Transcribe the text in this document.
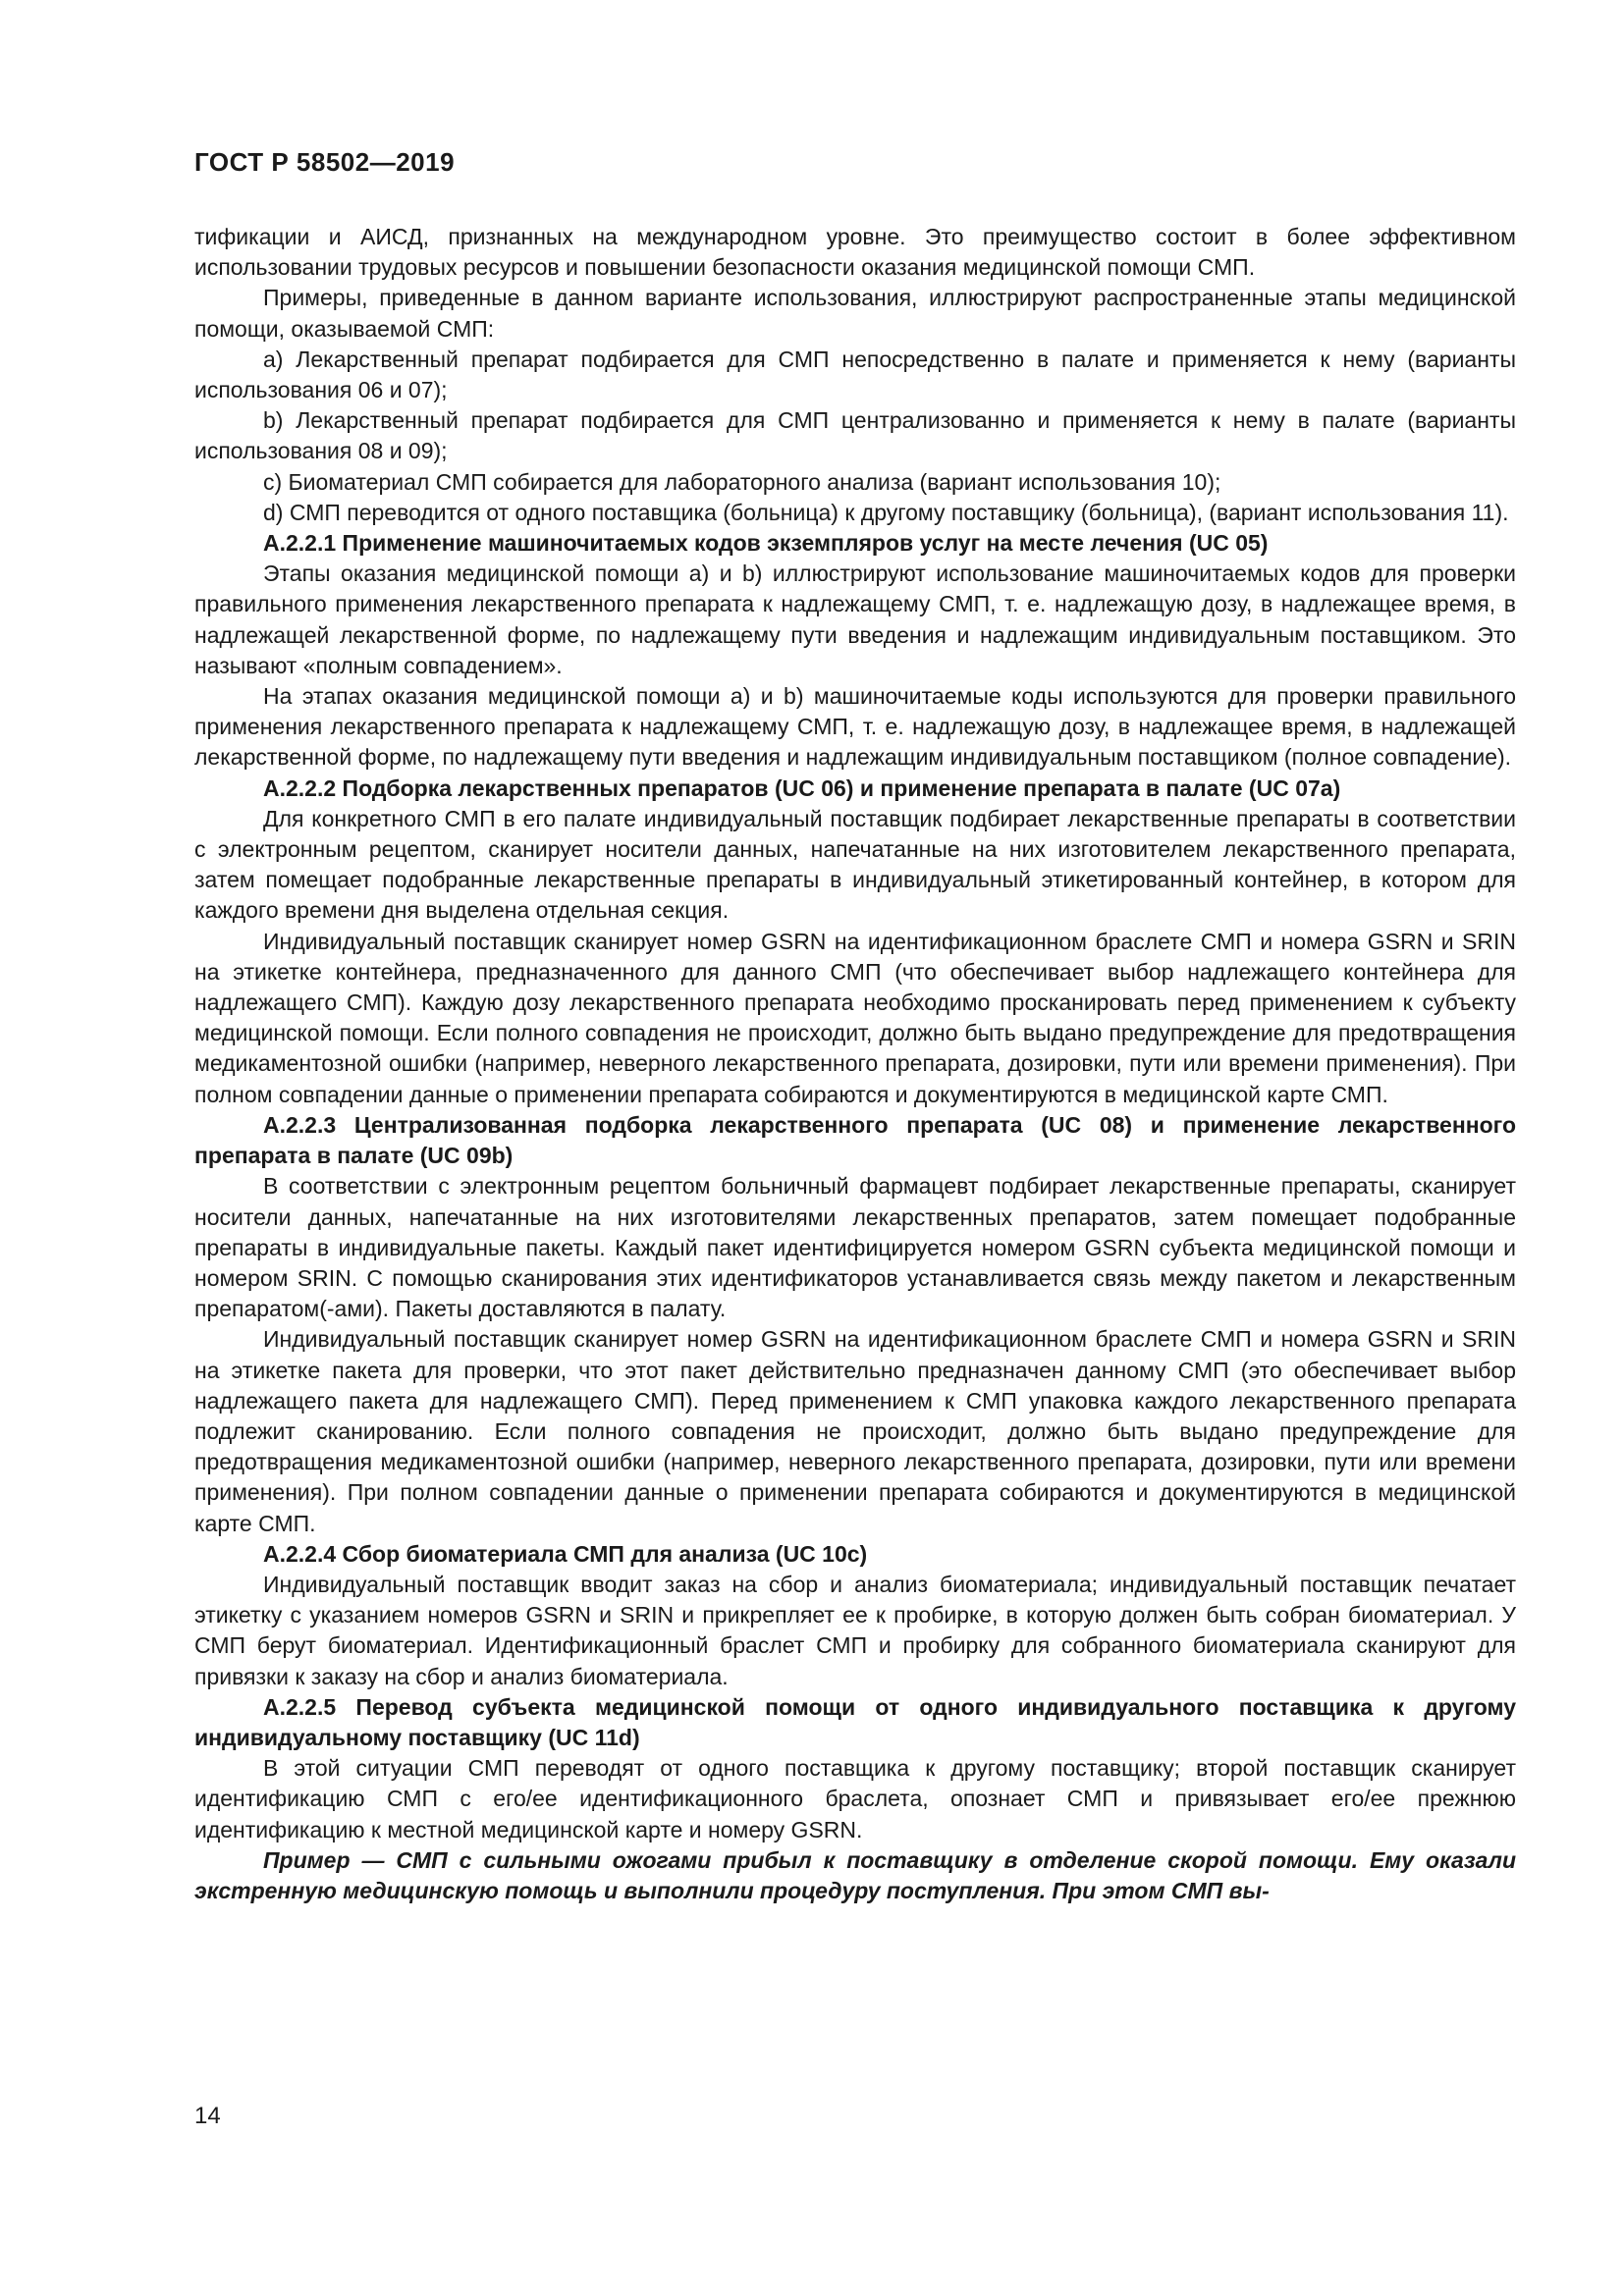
ГОСТ Р 58502—2019

тификации и АИСД, признанных на международном уровне. Это преимущество состоит в более эффективном использовании трудовых ресурсов и повышении безопасности оказания медицинской помощи СМП.

Примеры, приведенные в данном варианте использования, иллюстрируют распространенные этапы медицинской помощи, оказываемой СМП:

а) Лекарственный препарат подбирается для СМП непосредственно в палате и применяется к нему (варианты использования 06 и 07);

b) Лекарственный препарат подбирается для СМП централизованно и применяется к нему в палате (варианты использования 08 и 09);

c) Биоматериал СМП собирается для лабораторного анализа (вариант использования 10);

d) СМП переводится от одного поставщика (больница) к другому поставщику (больница), (вариант использования 11).

А.2.2.1 Применение машиночитаемых кодов экземпляров услуг на месте лечения (UC 05)

Этапы оказания медицинской помощи а) и b) иллюстрируют использование машиночитаемых кодов для проверки правильного применения лекарственного препарата к надлежащему СМП, т. е. надлежащую дозу, в надлежащее время, в надлежащей лекарственной форме, по надлежащему пути введения и надлежащим индивидуальным поставщиком. Это называют «полным совпадением».

На этапах оказания медицинской помощи а) и b) машиночитаемые коды используются для проверки правильного применения лекарственного препарата к надлежащему СМП, т. е. надлежащую дозу, в надлежащее время, в надлежащей лекарственной форме, по надлежащему пути введения и надлежащим индивидуальным поставщиком (полное совпадение).

А.2.2.2 Подборка лекарственных препаратов (UC 06) и применение препарата в палате (UC 07a)

Для конкретного СМП в его палате индивидуальный поставщик подбирает лекарственные препараты в соответствии с электронным рецептом, сканирует носители данных, напечатанные на них изготовителем лекарственного препарата, затем помещает подобранные лекарственные препараты в индивидуальный этикетированный контейнер, в котором для каждого времени дня выделена отдельная секция.

Индивидуальный поставщик сканирует номер GSRN на идентификационном браслете СМП и номера GSRN и SRIN на этикетке контейнера, предназначенного для данного СМП (что обеспечивает выбор надлежащего контейнера для надлежащего СМП). Каждую дозу лекарственного препарата необходимо просканировать перед применением к субъекту медицинской помощи. Если полного совпадения не происходит, должно быть выдано предупреждение для предотвращения медикаментозной ошибки (например, неверного лекарственного препарата, дозировки, пути или времени применения). При полном совпадении данные о применении препарата собираются и документируются в медицинской карте СМП.

А.2.2.3 Централизованная подборка лекарственного препарата (UC 08) и применение лекарственного препарата в палате (UC 09b)

В соответствии с электронным рецептом больничный фармацевт подбирает лекарственные препараты, сканирует носители данных, напечатанные на них изготовителями лекарственных препаратов, затем помещает подобранные препараты в индивидуальные пакеты. Каждый пакет идентифицируется номером GSRN субъекта медицинской помощи и номером SRIN. С помощью сканирования этих идентификаторов устанавливается связь между пакетом и лекарственным препаратом(-ами). Пакеты доставляются в палату.

Индивидуальный поставщик сканирует номер GSRN на идентификационном браслете СМП и номера GSRN и SRIN на этикетке пакета для проверки, что этот пакет действительно предназначен данному СМП (это обеспечивает выбор надлежащего пакета для надлежащего СМП). Перед применением к СМП упаковка каждого лекарственного препарата подлежит сканированию. Если полного совпадения не происходит, должно быть выдано предупреждение для предотвращения медикаментозной ошибки (например, неверного лекарственного препарата, дозировки, пути или времени применения). При полном совпадении данные о применении препарата собираются и документируются в медицинской карте СМП.

А.2.2.4 Сбор биоматериала СМП для анализа (UC 10c)

Индивидуальный поставщик вводит заказ на сбор и анализ биоматериала; индивидуальный поставщик печатает этикетку с указанием номеров GSRN и SRIN и прикрепляет ее к пробирке, в которую должен быть собран биоматериал. У СМП берут биоматериал. Идентификационный браслет СМП и пробирку для собранного биоматериала сканируют для привязки к заказу на сбор и анализ биоматериала.

А.2.2.5 Перевод субъекта медицинской помощи от одного индивидуального поставщика к другому индивидуальному поставщику (UC 11d)

В этой ситуации СМП переводят от одного поставщика к другому поставщику; второй поставщик сканирует идентификацию СМП с его/ее идентификационного браслета, опознает СМП и привязывает его/ее прежнюю идентификацию к местной медицинской карте и номеру GSRN.

Пример — СМП с сильными ожогами прибыл к поставщику в отделение скорой помощи. Ему оказали экстренную медицинскую помощь и выполнили процедуру поступления. При этом СМП вы-

14
